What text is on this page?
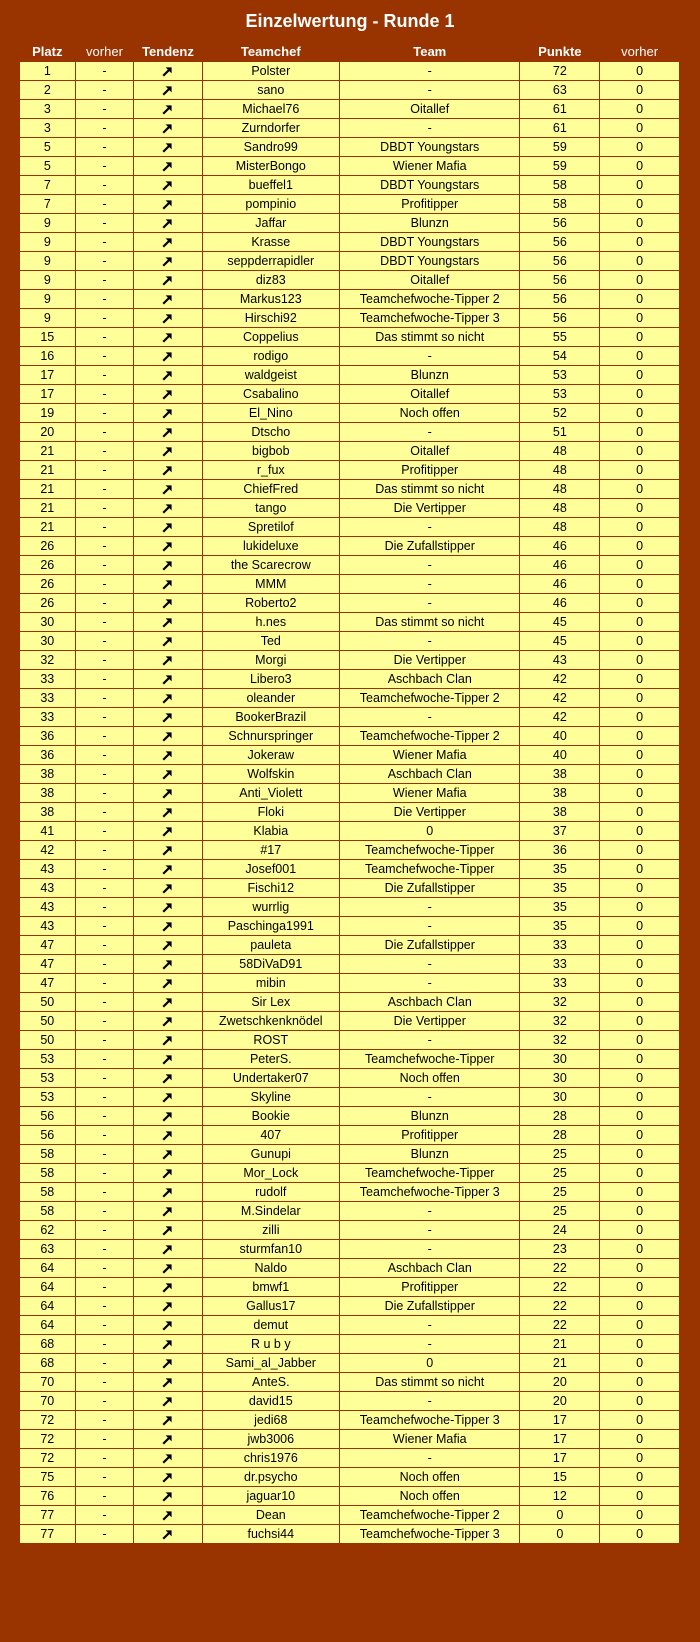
Einzelwertung - Runde 1
Platz	vorher	Tendenz	Teamchef	Team	Punkte	vorher
1	-		Polster	-	72	0
2	-		sano	-	63	0
3	-		Michael76	Oitallef	61	0
3	-		Zurndorfer	-	61	0
5	-		Sandro99	DBDT Youngstars	59	0
5	-		MisterBongo	Wiener Mafia	59	0
7	-		bueffel1	DBDT Youngstars	58	0
7	-		pompinio	Profitipper	58	0
9	-		Jaffar	Blunzn	56	0
9	-		Krasse	DBDT Youngstars	56	0
9	-		seppderrapidler	DBDT Youngstars	56	0
9	-		diz83	Oitallef	56	0
9	-		Markus123	Teamchefwoche-Tipper 2	56	0
9	-		Hirschi92	Teamchefwoche-Tipper 3	56	0
15	-		Coppelius	Das stimmt so nicht	55	0
16	-		rodigo	-	54	0
17	-		waldgeist	Blunzn	53	0
17	-		Csabalino	Oitallef	53	0
19	-		El_Nino	Noch offen	52	0
20	-		Dtscho	-	51	0
21	-		bigbob	Oitallef	48	0
21	-		r_fux	Profitipper	48	0
21	-		ChiefFred	Das stimmt so nicht	48	0
21	-		tango	Die Vertipper	48	0
21	-		Spretilof	-	48	0
26	-		lukideluxe	Die Zufallstipper	46	0
26	-		the Scarecrow	-	46	0
26	-		MMM	-	46	0
26	-		Roberto2	-	46	0
30	-		h.nes	Das stimmt so nicht	45	0
30	-		Ted	-	45	0
32	-		Morgi	Die Vertipper	43	0
33	-		Libero3	Aschbach Clan	42	0
33	-		oleander	Teamchefwoche-Tipper 2	42	0
33	-		BookerBrazil	-	42	0
36	-		Schnurspringer	Teamchefwoche-Tipper 2	40	0
36	-		Jokeraw	Wiener Mafia	40	0
38	-		Wolfskin	Aschbach Clan	38	0
38	-		Anti_Violett	Wiener Mafia	38	0
38	-		Floki	Die Vertipper	38	0
41	-		Klabia	0	37	0
42	-		#17	Teamchefwoche-Tipper	36	0
43	-		Josef001	Teamchefwoche-Tipper	35	0
43	-		Fischi12	Die Zufallstipper	35	0
43	-		wurrlig	-	35	0
43	-		Paschinga1991	-	35	0
47	-		pauleta	Die Zufallstipper	33	0
47	-		58DiVaD91	-	33	0
47	-		mibin	-	33	0
50	-		Sir Lex	Aschbach Clan	32	0
50	-		Zwetschkenknödel	Die Vertipper	32	0
50	-		ROST	-	32	0
53	-		PeterS.	Teamchefwoche-Tipper	30	0
53	-		Undertaker07	Noch offen	30	0
53	-		Skyline	-	30	0
56	-		Bookie	Blunzn	28	0
56	-		407	Profitipper	28	0
58	-		Gunupi	Blunzn	25	0
58	-		Mor_Lock	Teamchefwoche-Tipper	25	0
58	-		rudolf	Teamchefwoche-Tipper 3	25	0
58	-		M.Sindelar	-	25	0
62	-		zilli	-	24	0
63	-		sturmfan10	-	23	0
64	-		Naldo	Aschbach Clan	22	0
64	-		bmwf1	Profitipper	22	0
64	-		Gallus17	Die Zufallstipper	22	0
64	-		demut	-	22	0
68	-		R u b y	-	21	0
68	-		Sami_al_Jabber	0	21	0
70	-		AnteS.	Das stimmt so nicht	20	0
70	-		david15	-	20	0
72	-		jedi68	Teamchefwoche-Tipper 3	17	0
72	-		jwb3006	Wiener Mafia	17	0
72	-		chris1976	-	17	0
75	-		dr.psycho	Noch offen	15	0
76	-		jaguar10	Noch offen	12	0
77	-		Dean	Teamchefwoche-Tipper 2	0	0
77	-		fuchsi44	Teamchefwoche-Tipper 3	0	0
